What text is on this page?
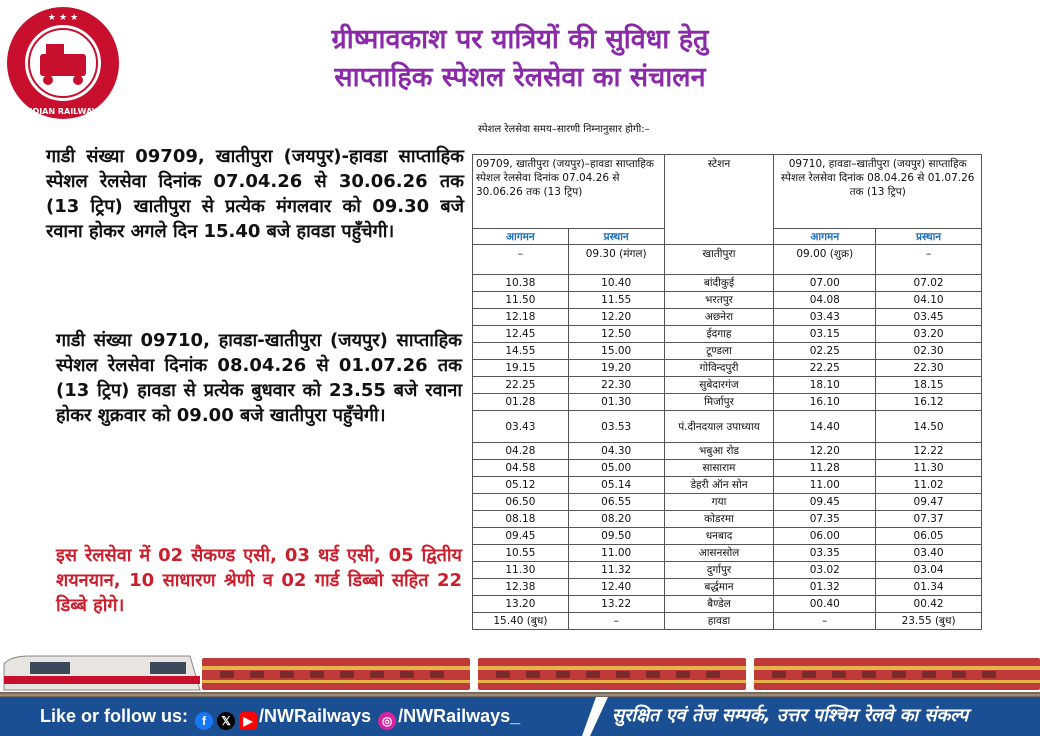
★ ★ ★
INDIAN RAILWAYS
ग्रीष्मावकाश पर यात्रियों की सुविधा हेतु
साप्ताहिक स्पेशल रेलसेवा का संचालन
गाडी संख्या 09709, खातीपुरा (जयपुर)-हावडा साप्ताहिक स्पेशल रेलसेवा दिनांक 07.04.26 से 30.06.26 तक (13 ट्रिप) खातीपुरा से प्रत्येक मंगलवार को 09.30 बजे रवाना होकर अगले दिन 15.40 बजे हावडा पहुँचेगी।
गाडी संख्या 09710, हावडा-खातीपुरा (जयपुर) साप्ताहिक स्पेशल रेलसेवा दिनांक 08.04.26 से 01.07.26 तक (13 ट्रिप) हावडा से प्रत्येक बुधवार को 23.55 बजे रवाना होकर शुक्रवार को 09.00 बजे खातीपुरा पहुँचेगी।
इस रेलसेवा में 02 सैकण्ड एसी, 03 थर्ड एसी, 05 द्वितीय शयनयान, 10 साधारण श्रेणी व 02 गार्ड डिब्बो सहित 22 डिब्बे होगे।
स्पेशल रेलसेवा समय–सारणी निम्नानुसार होगी:–
09709, खातीपुरा (जयपुर)–हावडा साप्ताहिक स्पेशल रेलसेवा दिनांक 07.04.26 से 30.06.26 तक (13 ट्रिप)		स्टेशन	09710, हावडा–खातीपुरा (जयपुर) साप्ताहिक स्पेशल रेलसेवा दिनांक 08.04.26 से 01.07.26 तक (13 ट्रिप)	
आगमन	प्रस्थान		आगमन	प्रस्थान
–	09.30 (मंगल)	खातीपुरा	09.00 (शुक्र)	–
10.38	10.40	बांदीकुई	07.00	07.02
11.50	11.55	भरतपुर	04.08	04.10
12.18	12.20	अछनेरा	03.43	03.45
12.45	12.50	ईदगाह	03.15	03.20
14.55	15.00	टूण्डला	02.25	02.30
19.15	19.20	गोविन्दपुरी	22.25	22.30
22.25	22.30	सुबेदारगंज	18.10	18.15
01.28	01.30	मिर्जापुर	16.10	16.12
03.43	03.53	पं.दीनदयाल उपाध्याय	14.40	14.50
04.28	04.30	भबुआ रोड	12.20	12.22
04.58	05.00	सासाराम	11.28	11.30
05.12	05.14	डेहरी ऑन सोन	11.00	11.02
06.50	06.55	गया	09.45	09.47
08.18	08.20	कोडरमा	07.35	07.37
09.45	09.50	धनबाद	06.00	06.05
10.55	11.00	आसनसोल	03.35	03.40
11.30	11.32	दुर्गापुर	03.02	03.04
12.38	12.40	बर्द्धमान	01.32	01.34
13.20	13.22	बैण्डेल	00.40	00.42
15.40 (बुध)	–	हावडा	–	23.55 (बुध)
Like or follow us: f 𝕏 ▶ /NWRailways ◎ /NWRailways_	सुरक्षित एवं तेज सम्पर्क, उत्तर पश्चिम रेलवे का संकल्प
